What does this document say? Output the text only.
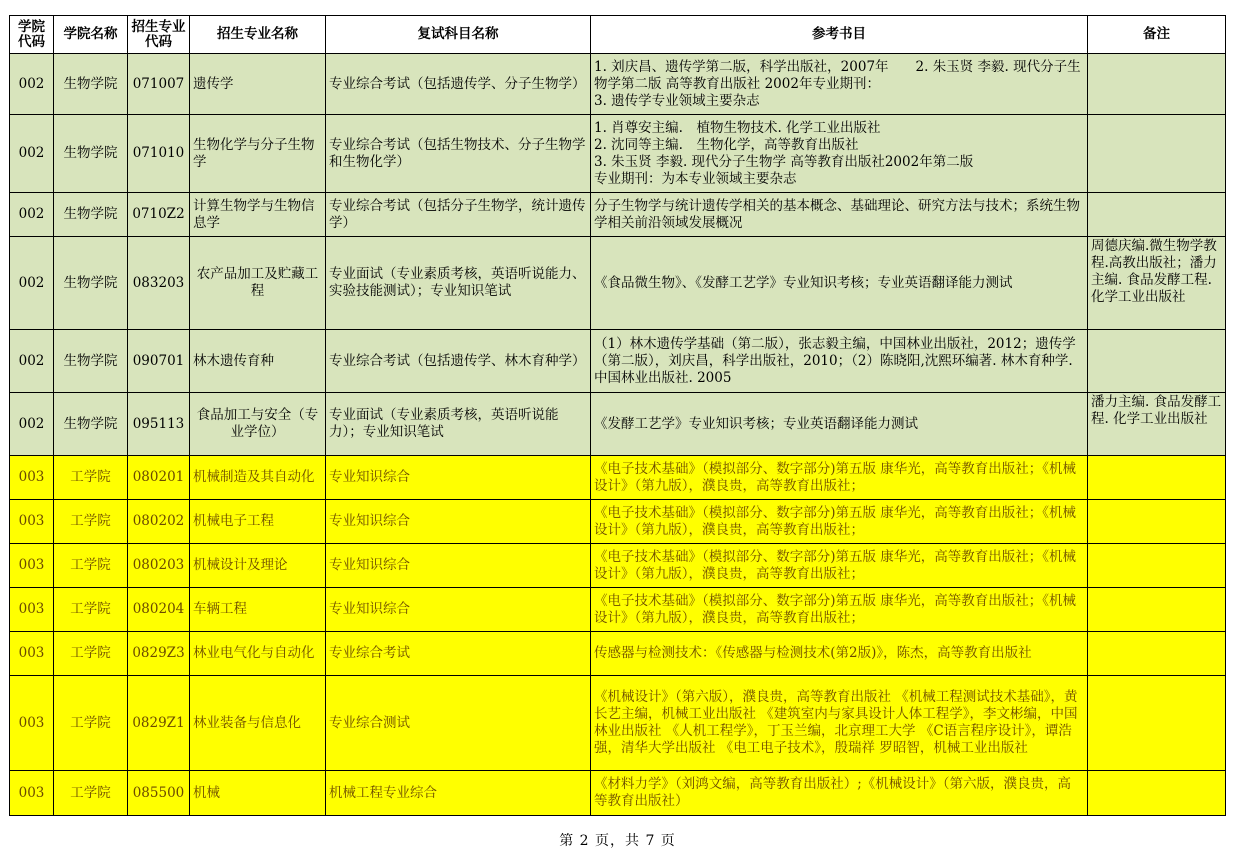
学院代码	学院名称	招生专业代码	招生专业名称	复试科目名称	参考书目	备注
002	生物学院	071007	遗传学	专业综合考试（包括遗传学、分子生物学）	1. 刘庆昌、遗传学第二版，科学出版社，2007年　　2. 朱玉贤 李毅. 现代分子生物学第二版 高等教育出版社 2002年专业期刊：
3. 遗传学专业领域主要杂志	
002	生物学院	071010	生物化学与分子生物学	专业综合考试（包括生物技术、分子生物学和生物化学）	1. 肖尊安主编.　植物生物技术. 化学工业出版社
2. 沈同等主编.　生物化学，高等教育出版社
3. 朱玉贤 李毅. 现代分子生物学 高等教育出版社2002年第二版
专业期刊：为本专业领域主要杂志	
002	生物学院	0710Z2	计算生物学与生物信息学	专业综合考试（包括分子生物学，统计遗传学）	分子生物学与统计遗传学相关的基本概念、基础理论、研究方法与技术；系统生物学相关前沿领域发展概况	
002	生物学院	083203	农产品加工及贮藏工程	专业面试（专业素质考核，英语听说能力、实验技能测试）；专业知识笔试	《食品微生物》、《发酵工艺学》专业知识考核；专业英语翻译能力测试	周德庆编.微生物学教程.高教出版社；潘力主编. 食品发酵工程. 化学工业出版社
002	生物学院	090701	林木遗传育种	专业综合考试（包括遗传学、林木育种学）	（1）林木遗传学基础（第二版），张志毅主编，中国林业出版社，2012；遗传学（第二版），刘庆昌，科学出版社，2010；（2）陈晓阳,沈熙环编著. 林木育种学.中国林业出版社. 2005	
002	生物学院	095113	食品加工与安全（专业学位）	专业面试（专业素质考核，英语听说能力）；专业知识笔试	《发酵工艺学》专业知识考核；专业英语翻译能力测试	潘力主编. 食品发酵工程. 化学工业出版社
003	工学院	080201	机械制造及其自动化	专业知识综合	《电子技术基础》（模拟部分、数字部分)第五版 康华光，高等教育出版社；《机械设计》（第九版），濮良贵，高等教育出版社；	
003	工学院	080202	机械电子工程	专业知识综合	《电子技术基础》（模拟部分、数字部分)第五版 康华光，高等教育出版社；《机械设计》（第九版），濮良贵，高等教育出版社；	
003	工学院	080203	机械设计及理论	专业知识综合	《电子技术基础》（模拟部分、数字部分)第五版 康华光，高等教育出版社；《机械设计》（第九版），濮良贵，高等教育出版社；	
003	工学院	080204	车辆工程	专业知识综合	《电子技术基础》（模拟部分、数字部分)第五版 康华光，高等教育出版社；《机械设计》（第九版），濮良贵，高等教育出版社；	
003	工学院	0829Z3	林业电气化与自动化	专业综合考试	传感器与检测技术：《传感器与检测技术(第2版)》，陈杰，高等教育出版社	
003	工学院	0829Z1	林业装备与信息化	专业综合测试	《机械设计》（第六版），濮良贵，高等教育出版社 《机械工程测试技术基础》，黄长艺主编，机械工业出版社 《建筑室内与家具设计人体工程学》，李文彬编，中国林业出版社 《人机工程学》，丁玉兰编，北京理工大学 《C语言程序设计》，谭浩强，清华大学出版社 《电工电子技术》，殷瑞祥 罗昭智，机械工业出版社	
003	工学院	085500	机械	机械工程专业综合	《材料力学》（刘鸿文编，高等教育出版社）;《机械设计》（第六版，濮良贵，高等教育出版社）	
第 2 页，共 7 页
